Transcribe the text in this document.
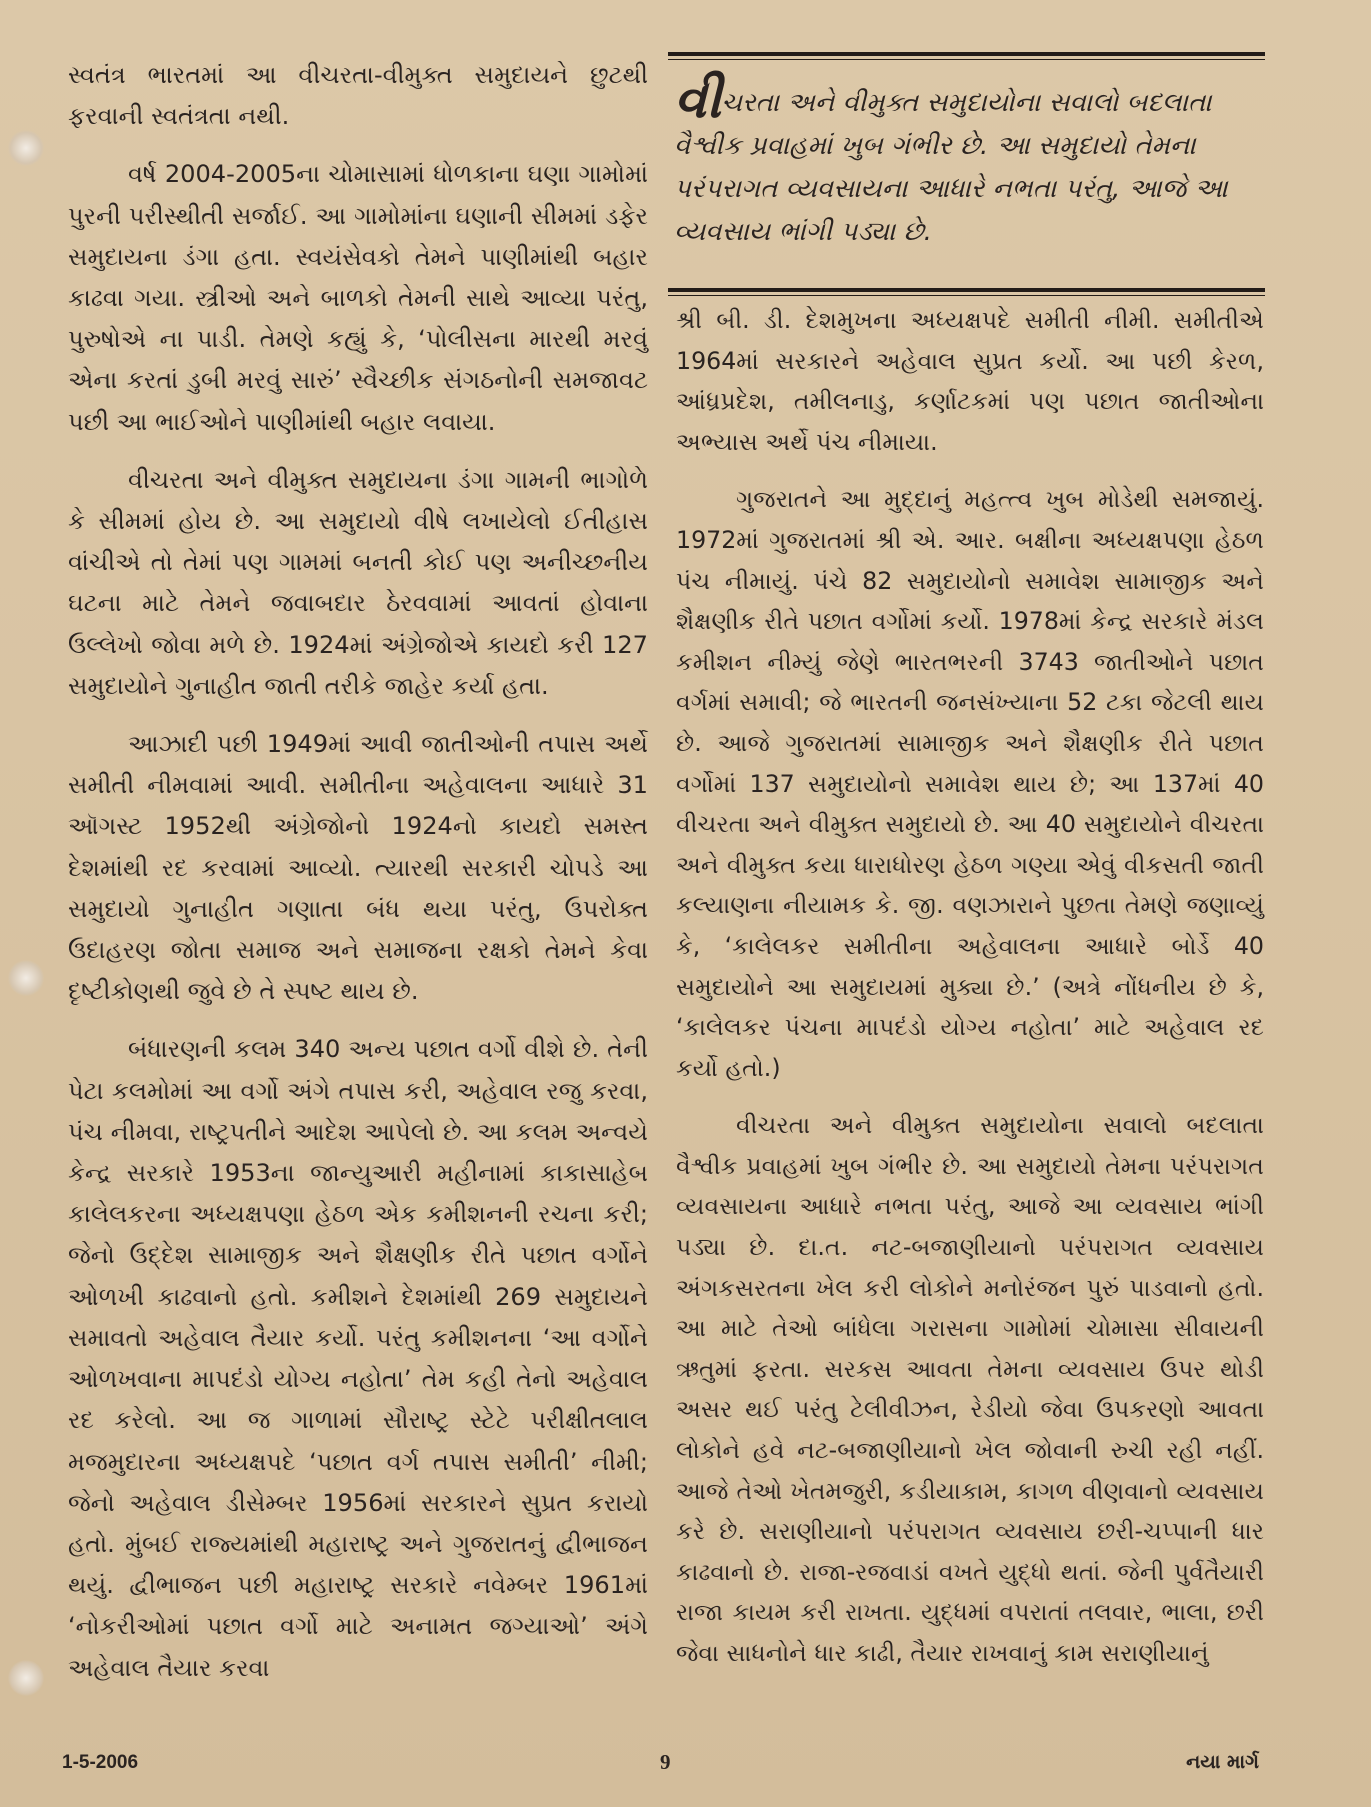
સ્વતંત્ર ભારતમાં આ વીચરતા-વીમુક્ત સમુદાયને છુટથી ફરવાની સ્વતંત્રતા નથી.

વર્ષ 2004-2005ના ચોમાસામાં ધોળકાના ઘણા ગામોમાં પુરની પરીસ્થીતી સર્જાઈ. આ ગામોમાંના ઘણાની સીમમાં ડફેર સમુદાયના ડંગા હતા. સ્વયંસેવકો તેમને પાણીમાંથી બહાર કાઢવા ગયા. સ્ત્રીઓ અને બાળકો તેમની સાથે આવ્યા પરંતુ, પુરુષોએ ના પાડી. તેમણે કહ્યું કે, ‘પોલીસના મારથી મરવું એના કરતાં ડુબી મરવું સારું’ સ્વૈચ્છીક સંગઠનોની સમજાવટ પછી આ ભાઈઓને પાણીમાંથી બહાર લવાયા.

વીચરતા અને વીમુક્ત સમુદાયના ડંગા ગામની ભાગોળે કે સીમમાં હોય છે. આ સમુદાયો વીષે લખાયેલો ઈતીહાસ વાંચીએ તો તેમાં પણ ગામમાં બનતી કોઈ પણ અનીચ્છનીય ઘટના માટે તેમને જવાબદાર ઠેરવવામાં આવતાં હોવાના ઉલ્લેખો જોવા મળે છે. 1924માં અંગ્રેજોએ કાયદો કરી 127 સમુદાયોને ગુનાહીત જાતી તરીકે જાહેર કર્યા હતા.

આઝાદી પછી 1949માં આવી જાતીઓની તપાસ અર્થે સમીતી નીમવામાં આવી. સમીતીના અહેવાલના આધારે 31 ઑગસ્ટ 1952થી અંગ્રેજોનો 1924નો કાયદો સમસ્ત દેશમાંથી રદ કરવામાં આવ્યો. ત્યારથી સરકારી ચોપડે આ સમુદાયો ગુનાહીત ગણાતા બંધ થયા પરંતુ, ઉપરોક્ત ઉદાહરણ જોતા સમાજ અને સમાજના રક્ષકો તેમને કેવા દૃષ્ટીકોણથી જુવે છે તે સ્પષ્ટ થાય છે.

બંધારણની કલમ 340 અન્ય પછાત વર્ગો વીશે છે. તેની પેટા કલમોમાં આ વર્ગો અંગે તપાસ કરી, અહેવાલ રજુ કરવા, પંચ નીમવા, રાષ્ટ્રપતીને આદેશ આપેલો છે. આ કલમ અન્વયે કેન્દ્ર સરકારે 1953ના જાન્યુઆરી મહીનામાં કાકાસાહેબ કાલેલકરના અધ્યક્ષપણા હેઠળ એક કમીશનની રચના કરી; જેનો ઉદ્દેશ સામાજીક અને શૈક્ષણીક રીતે પછાત વર્ગોને ઓળખી કાઢવાનો હતો. કમીશને દેશમાંથી 269 સમુદાયને સમાવતો અહેવાલ તૈયાર કર્યો. પરંતુ કમીશનના ‘આ વર્ગોને ઓળખવાના માપદંડો યોગ્ય નહોતા’ તેમ કહી તેનો અહેવાલ રદ કરેલો. આ જ ગાળામાં સૌરાષ્ટ્ર સ્ટેટે પરીક્ષીતલાલ મજમુદારના અધ્યક્ષપદે ‘પછાત વર્ગ તપાસ સમીતી’ નીમી; જેનો અહેવાલ ડીસેમ્બર 1956માં સરકારને સુપ્રત કરાયો હતો. મુંબઈ રાજ્યમાંથી મહારાષ્ટ્ર અને ગુજરાતનું દ્વીભાજન થયું. દ્વીભાજન પછી મહારાષ્ટ્ર સરકારે નવેમ્બર 1961માં ‘નોકરીઓમાં પછાત વર્ગો માટે અનામત જગ્યાઓ’ અંગે અહેવાલ તૈયાર કરવા

વીચરતા અને વીમુક્ત સમુદાયોના સવાલો બદલાતા વૈશ્વીક પ્રવાહમાં ખુબ ગંભીર છે. આ સમુદાયો તેમના પરંપરાગત વ્યવસાયના આધારે નભતા પરંતુ, આજે આ વ્યવસાય ભાંગી પડ્યા છે.

શ્રી બી. ડી. દેશમુખના અધ્યક્ષપદે સમીતી નીમી. સમીતીએ 1964માં સરકારને અહેવાલ સુપ્રત કર્યો. આ પછી કેરળ, આંધ્રપ્રદેશ, તમીલનાડુ, કર્ણાટકમાં પણ પછાત જાતીઓના અભ્યાસ અર્થે પંચ નીમાયા.

ગુજરાતને આ મુદ્દાનું મહત્ત્વ ખુબ મોડેથી સમજાયું. 1972માં ગુજરાતમાં શ્રી એ. આર. બક્ષીના અધ્યક્ષપણા હેઠળ પંચ નીમાયું. પંચે 82 સમુદાયોનો સમાવેશ સામાજીક અને શૈક્ષણીક રીતે પછાત વર્ગોમાં કર્યો. 1978માં કેન્દ્ર સરકારે મંડલ કમીશન નીમ્યું જેણે ભારતભરની 3743 જાતીઓને પછાત વર્ગમાં સમાવી; જે ભારતની જનસંખ્યાના 52 ટકા જેટલી થાય છે. આજે ગુજરાતમાં સામાજીક અને શૈક્ષણીક રીતે પછાત વર્ગોમાં 137 સમુદાયોનો સમાવેશ થાય છે; આ 137માં 40 વીચરતા અને વીમુક્ત સમુદાયો છે. આ 40 સમુદાયોને વીચરતા અને વીમુક્ત કયા ધારાધોરણ હેઠળ ગણ્યા એવું વીકસતી જાતી કલ્યાણના નીયામક કે. જી. વણઝારાને પુછતા તેમણે જણાવ્યું કે, ‘કાલેલકર સમીતીના અહેવાલના આધારે બોર્ડે 40 સમુદાયોને આ સમુદાયમાં મુક્યા છે.’ (અત્રે નોંધનીય છે કે, ‘કાલેલકર પંચના માપદંડો યોગ્ય નહોતા’ માટે અહેવાલ રદ કર્યો હતો.)

વીચરતા અને વીમુક્ત સમુદાયોના સવાલો બદલાતા વૈશ્વીક પ્રવાહમાં ખુબ ગંભીર છે. આ સમુદાયો તેમના પરંપરાગત વ્યવસાયના આધારે નભતા પરંતુ, આજે આ વ્યવસાય ભાંગી પડ્યા છે. દા.ત. નટ-બજાણીયાનો પરંપરાગત વ્યવસાય અંગકસરતના ખેલ કરી લોકોને મનોરંજન પુરું પાડવાનો હતો. આ માટે તેઓ બાંધેલા ગરાસના ગામોમાં ચોમાસા સીવાયની ઋતુમાં ફરતા. સરકસ આવતા તેમના વ્યવસાય ઉપર થોડી અસર થઈ પરંતુ ટેલીવીઝન, રેડીયો જેવા ઉપકરણો આવતા લોકોને હવે નટ-બજાણીયાનો ખેલ જોવાની રુચી રહી નહીં. આજે તેઓ ખેતમજુરી, કડીયાકામ, કાગળ વીણવાનો વ્યવસાય કરે છે. સરાણીયાનો પરંપરાગત વ્યવસાય છરી-ચપ્પાની ધાર કાઢવાનો છે. રાજા-રજવાડાં વખતે યુદ્ધો થતાં. જેની પુર્વતૈયારી રાજા કાયમ કરી રાખતા. યુદ્ધમાં વપરાતાં તલવાર, ભાલા, છરી જેવા સાધનોને ધાર કાઢી, તૈયાર રાખવાનું કામ સરાણીયાનું

1-5-2006	9	નયા માર્ગ
